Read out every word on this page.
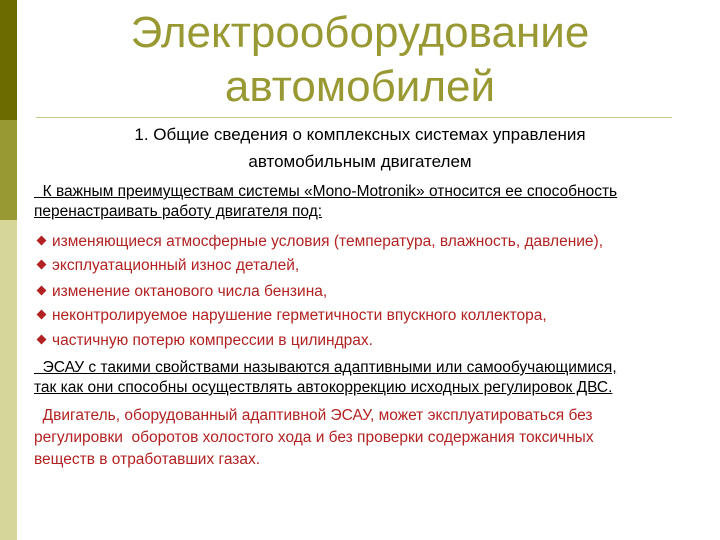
Электрооборудование
автомобилей
1. Общие сведения о комплексных системах управления
автомобильным двигателем
К важным преимуществам системы «Mono-Motronik» относится ее способность
перенастраивать работу двигателя под:
изменяющиеся атмосферные условия (температура, влажность, давление),
эксплуатационный износ деталей,
изменение октанового числа бензина,
неконтролируемое нарушение герметичности впускного коллектора,
частичную потерю компрессии в цилиндрах.
ЭСАУ с такими свойствами называются адаптивными или самообучающимися,
так как они способны осуществлять автокоррекцию исходных регулировок ДВС.
Двигатель, оборудованный адаптивной ЭСАУ, может эксплуатироваться без
регулировки  оборотов холостого хода и без проверки содержания токсичных
веществ в отработавших газах.
